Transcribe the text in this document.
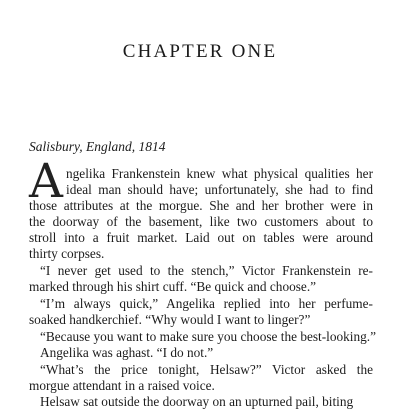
CHAPTER ONE
Salisbury, England, 1814
A ngelika Frankenstein knew what physical qualities her
ideal man should have; unfortunately, she had to find
those attributes at the morgue. She and her brother were in
the doorway of the basement, like two customers about to
stroll into a fruit market. Laid out on tables were around
thirty corpses.
“I never get used to the stench,” Victor Frankenstein re-
marked through his shirt cuff. “Be quick and choose.”
“I’m always quick,” Angelika replied into her perfume-
soaked handkerchief. “Why would I want to linger?”
“Because you want to make sure you choose the best-looking.”
Angelika was aghast. “I do not.”
“What’s the price tonight, Helsaw?” Victor asked the
morgue attendant in a raised voice.
Helsaw sat outside the doorway on an upturned pail, biting
